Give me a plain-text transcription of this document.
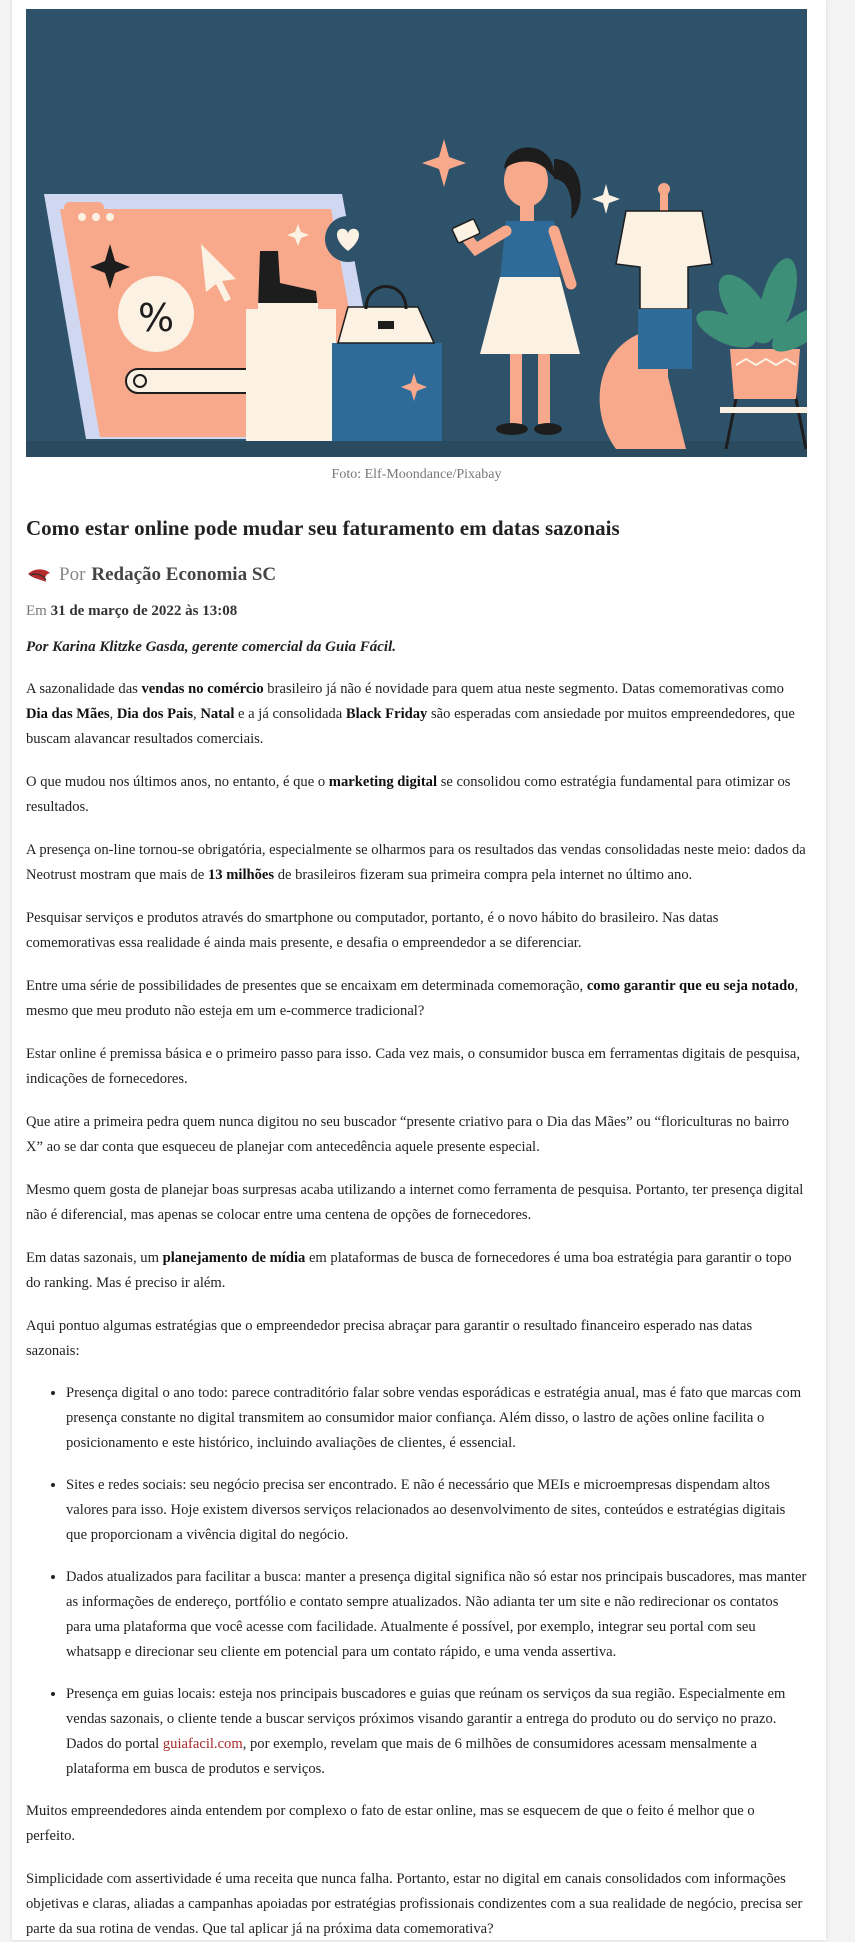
%
Foto: Elf-Moondance/Pixabay
Como estar online pode mudar seu faturamento em datas sazonais
Por Redação Economia SC
Em 31 de março de 2022 às 13:08
Por Karina Klitzke Gasda, gerente comercial da Guia Fácil.

A sazonalidade das vendas no comércio brasileiro já não é novidade para quem atua neste segmento. Datas comemorativas como Dia das Mães, Dia dos Pais, Natal e a já consolidada Black Friday são esperadas com ansiedade por muitos empreendedores, que buscam alavancar resultados comerciais.

O que mudou nos últimos anos, no entanto, é que o marketing digital se consolidou como estratégia fundamental para otimizar os resultados.

A presença on-line tornou-se obrigatória, especialmente se olharmos para os resultados das vendas consolidadas neste meio: dados da Neotrust mostram que mais de 13 milhões de brasileiros fizeram sua primeira compra pela internet no último ano.

Pesquisar serviços e produtos através do smartphone ou computador, portanto, é o novo hábito do brasileiro. Nas datas comemorativas essa realidade é ainda mais presente, e desafia o empreendedor a se diferenciar.

Entre uma série de possibilidades de presentes que se encaixam em determinada comemoração, como garantir que eu seja notado, mesmo que meu produto não esteja em um e-commerce tradicional?

Estar online é premissa básica e o primeiro passo para isso. Cada vez mais, o consumidor busca em ferramentas digitais de pesquisa, indicações de fornecedores.

Que atire a primeira pedra quem nunca digitou no seu buscador “presente criativo para o Dia das Mães” ou “floriculturas no bairro X” ao se dar conta que esqueceu de planejar com antecedência aquele presente especial.

Mesmo quem gosta de planejar boas surpresas acaba utilizando a internet como ferramenta de pesquisa. Portanto, ter presença digital não é diferencial, mas apenas se colocar entre uma centena de opções de fornecedores.

Em datas sazonais, um planejamento de mídia em plataformas de busca de fornecedores é uma boa estratégia para garantir o topo do ranking. Mas é preciso ir além.

Aqui pontuo algumas estratégias que o empreendedor precisa abraçar para garantir o resultado financeiro esperado nas datas sazonais:

• Presença digital o ano todo: parece contraditório falar sobre vendas esporádicas e estratégia anual, mas é fato que marcas com presença constante no digital transmitem ao consumidor maior confiança. Além disso, o lastro de ações online facilita o posicionamento e este histórico, incluindo avaliações de clientes, é essencial.
• Sites e redes sociais: seu negócio precisa ser encontrado. E não é necessário que MEIs e microempresas dispendam altos valores para isso. Hoje existem diversos serviços relacionados ao desenvolvimento de sites, conteúdos e estratégias digitais que proporcionam a vivência digital do negócio.
• Dados atualizados para facilitar a busca: manter a presença digital significa não só estar nos principais buscadores, mas manter as informações de endereço, portfólio e contato sempre atualizados. Não adianta ter um site e não redirecionar os contatos para uma plataforma que você acesse com facilidade. Atualmente é possível, por exemplo, integrar seu portal com seu whatsapp e direcionar seu cliente em potencial para um contato rápido, e uma venda assertiva.
• Presença em guias locais: esteja nos principais buscadores e guias que reúnam os serviços da sua região. Especialmente em vendas sazonais, o cliente tende a buscar serviços próximos visando garantir a entrega do produto ou do serviço no prazo. Dados do portal guiafacil.com, por exemplo, revelam que mais de 6 milhões de consumidores acessam mensalmente a plataforma em busca de produtos e serviços.

Muitos empreendedores ainda entendem por complexo o fato de estar online, mas se esquecem de que o feito é melhor que o perfeito.

Simplicidade com assertividade é uma receita que nunca falha. Portanto, estar no digital em canais consolidados com informações objetivas e claras, aliadas a campanhas apoiadas por estratégias profissionais condizentes com a sua realidade de negócio, precisa ser parte da sua rotina de vendas. Que tal aplicar já na próxima data comemorativa?
